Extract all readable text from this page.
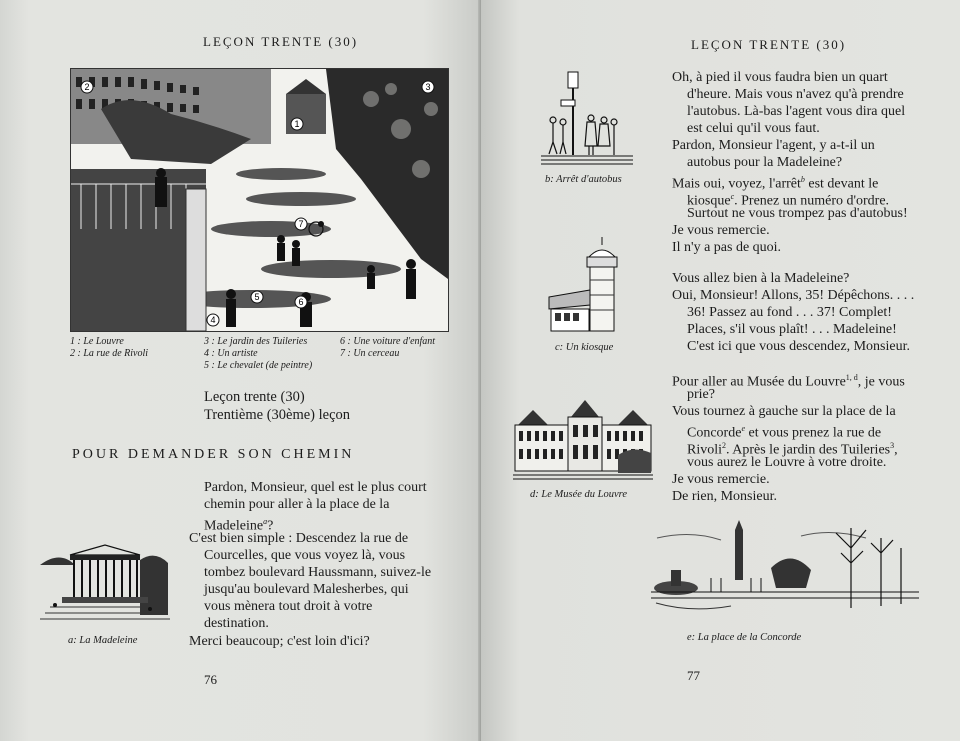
LEÇON TRENTE (30)
2
1
3
7
5	6
4
1 : Le Louvre
2 : La rue de Rivoli
3 : Le jardin des Tuileries
4 : Un artiste
5 : Le chevalet (de peintre)
6 : Une voiture d'enfant
7 : Un cerceau
Leçon trente (30)
Trentième (30ème) leçon
POUR DEMANDER SON CHEMIN
Pardon, Monsieur, quel est le plus court
chemin pour aller à la place de la
Madeleine$^a$?
C'est bien simple : Descendez la rue de
Courcelles, que vous voyez là, vous
tombez boulevard Haussmann, suivez-le
jusqu'au boulevard Malesherbes, qui
vous mènera tout droit à votre
destination.
Merci beaucoup; c'est loin d'ici?
a: La Madeleine
76
LEÇON TRENTE (30)
b: Arrêt d'autobus
c: Un kiosque
d: Le Musée du Louvre
e: La place de la Concorde
Oh, à pied il vous faudra bien un quart
d'heure. Mais vous n'avez qu'à prendre
l'autobus. Là-bas l'agent vous dira quel
est celui qu'il vous faut.
Pardon, Monsieur l'agent, y a-t-il un
autobus pour la Madeleine?
Mais oui, voyez, l'arrêt$^b$ est devant le
kiosque$^c$. Prenez un numéro d'ordre.
Surtout ne vous trompez pas d'autobus!
Je vous remercie.
Il n'y a pas de quoi.
Vous allez bien à la Madeleine?
Oui, Monsieur! Allons, 35! Dépêchons. . . .
36! Passez au fond . . . 37! Complet!
Places, s'il vous plaît! . . . Madeleine!
C'est ici que vous descendez, Monsieur.
Pour aller au Musée du Louvre$^{1, d}$, je vous
prie?
Vous tournez à gauche sur la place de la
Concorde$^e$ et vous prenez la rue de
Rivoli$^2$. Après le jardin des Tuileries$^3$,
vous aurez le Louvre à votre droite.
Je vous remercie.
De rien, Monsieur.
77
